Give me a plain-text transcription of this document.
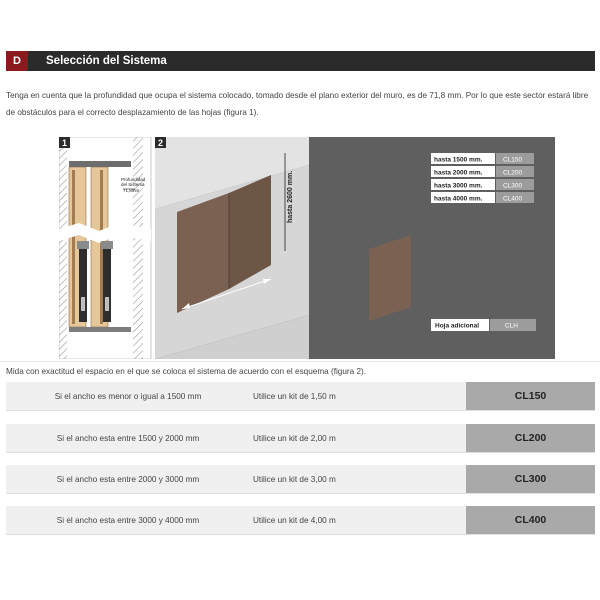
D	Selección del Sistema
Tenga en cuenta que la profundidad que ocupa el sistema colocado, tomado desde el plano exterior del muro, es de 71,8 mm. Por lo que este sector estará libre de obstáculos para el correcto desplazamiento de las hojas (figura 1).
Profundidad
del Sistema
71,8mm
1
hasta 2600 mm.
hasta 1500 mm.	CL150
hasta 2000 mm.	CL200
hasta 3000 mm.	CL300
hasta 4000 mm.	CL400
Hoja adicional	CLH
2
Mida con exactitud el espacio en el que se coloca el sistema de acuerdo con el esquema (figura 2).
Si el ancho es menor o igual a 1500 mm	Utilice un kit de 1,50 m	CL150
Si el ancho esta entre 1500 y 2000 mm	Utilice un kit de 2,00 m	CL200
Si el ancho esta entre 2000 y 3000 mm	Utilice un kit de 3,00 m	CL300
Si el ancho esta entre 3000 y 4000 mm	Utilice un kit de 4,00 m	CL400
